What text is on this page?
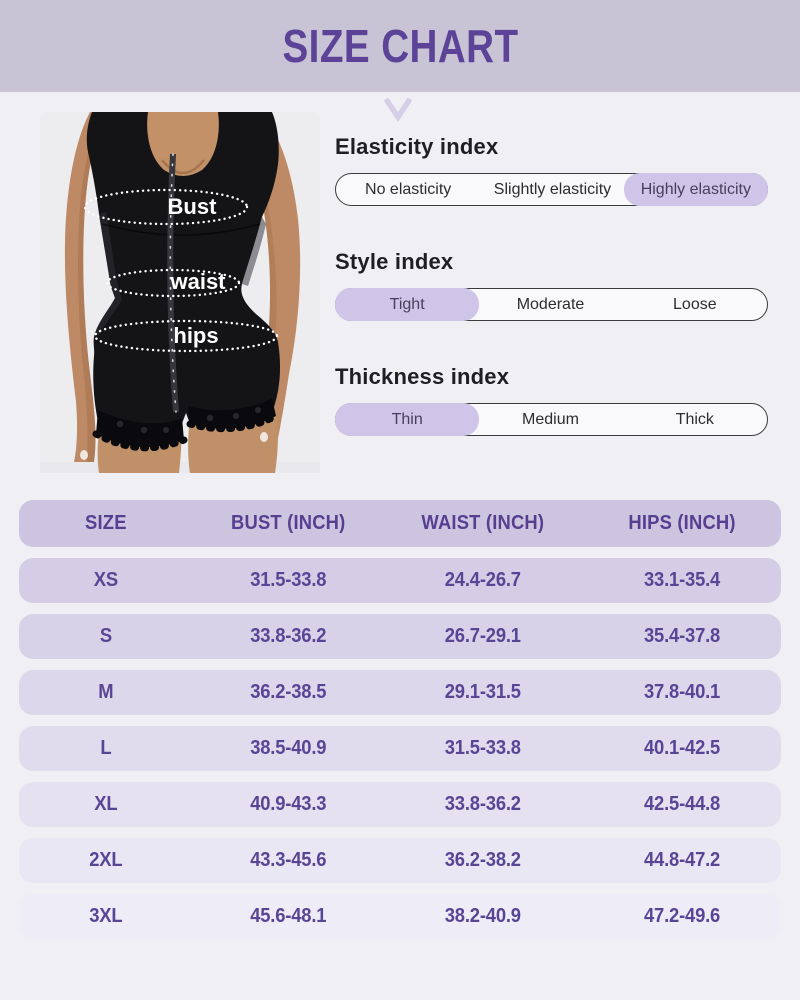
SIZE CHART
Bust
waist
hips
Elasticity index
No elasticity	Slightly elasticity	Highly elasticity
Style index
Tight	Moderate	Loose
Thickness index
Thin	Medium	Thick
SIZE	BUST (INCH)	WAIST (INCH)	HIPS (INCH)
XS	31.5-33.8	24.4-26.7	33.1-35.4
S	33.8-36.2	26.7-29.1	35.4-37.8
M	36.2-38.5	29.1-31.5	37.8-40.1
L	38.5-40.9	31.5-33.8	40.1-42.5
XL	40.9-43.3	33.8-36.2	42.5-44.8
2XL	43.3-45.6	36.2-38.2	44.8-47.2
3XL	45.6-48.1	38.2-40.9	47.2-49.6
